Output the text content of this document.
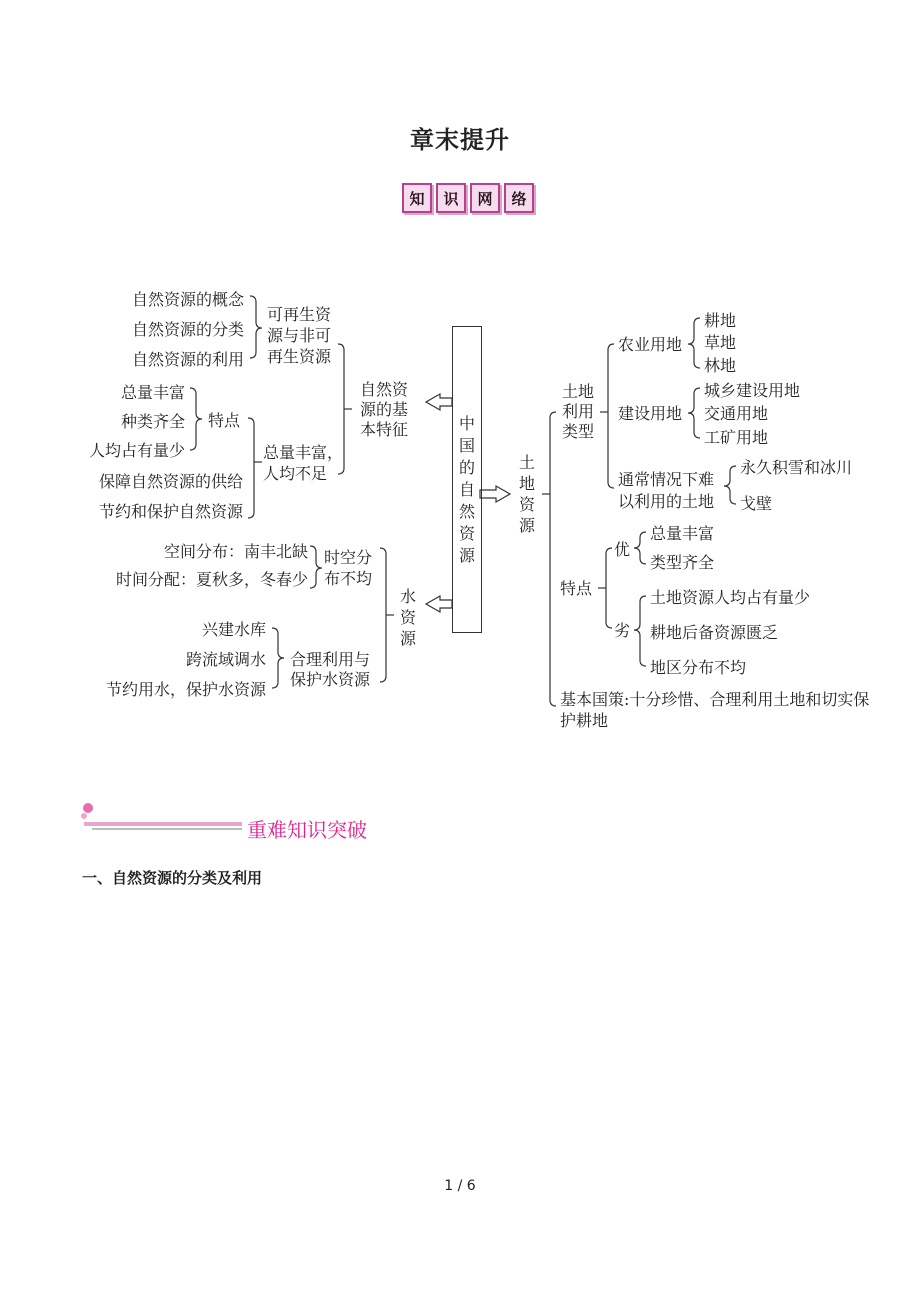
章末提升
知	识	网	络
中国的自然资源
自然资源的概念
自然资源的分类
自然资源的利用
可再生资源与非可再生资源
总量丰富
种类齐全
人均占有量少
特点
保障自然资源的供给
节约和保护自然资源
总量丰富，人均不足
自然资源的基本特征
空间分布：南丰北缺
时间分配：夏秋多，冬春少
时空分布不均
兴建水库
跨流域调水
节约用水，保护水资源
合理利用与保护水资源
水资源
土地资源
土地利用类型
农业用地
耕地
草地
林地
建设用地
城乡建设用地
交通用地
工矿用地
通常情况下难以利用的土地
永久积雪和冰川
戈壁
特点
优
总量丰富
类型齐全
劣
土地资源人均占有量少
耕地后备资源匮乏
地区分布不均
基本国策:十分珍惜、合理利用土地和切实保护耕地
重难知识突破
一、自然资源的分类及利用
1 / 6
